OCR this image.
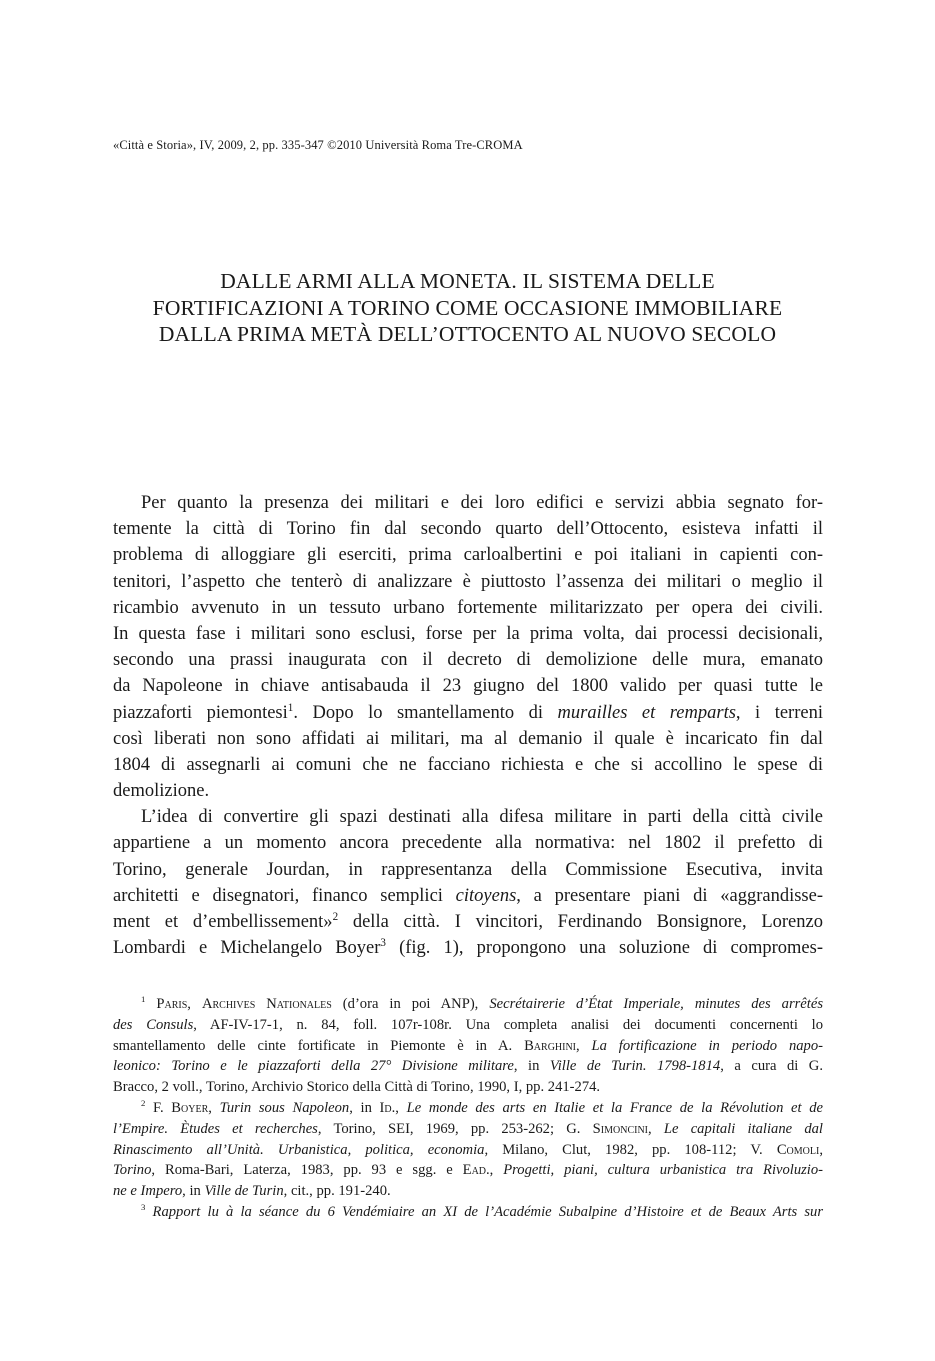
«Città e Storia», IV, 2009, 2, pp. 335-347 ©2010 Università Roma Tre-CROMA
DALLE ARMI ALLA MONETA. IL SISTEMA DELLE
FORTIFICAZIONI A TORINO COME OCCASIONE IMMOBILIARE
DALLA PRIMA METÀ DELL’OTTOCENTO AL NUOVO SECOLO
Per quanto la presenza dei militari e dei loro edifici e servizi abbia segnato for-
temente la città di Torino fin dal secondo quarto dell’Ottocento, esisteva infatti il
problema di alloggiare gli eserciti, prima carloalbertini e poi italiani in capienti con-
tenitori, l’aspetto che tenterò di analizzare è piuttosto l’assenza dei militari o meglio il
ricambio avvenuto in un tessuto urbano fortemente militarizzato per opera dei civili.
In questa fase i militari sono esclusi, forse per la prima volta, dai processi decisionali,
secondo una prassi inaugurata con il decreto di demolizione delle mura, emanato
da Napoleone in chiave antisabauda il 23 giugno del 1800 valido per quasi tutte le
piazzaforti piemontesi$^1$. Dopo lo smantellamento di murailles et remparts, i terreni
così liberati non sono affidati ai militari, ma al demanio il quale è incaricato fin dal
1804 di assegnarli ai comuni che ne facciano richiesta e che si accollino le spese di
demolizione.
L’idea di convertire gli spazi destinati alla difesa militare in parti della città civile
appartiene a un momento ancora precedente alla normativa: nel 1802 il prefetto di
Torino, generale Jourdan, in rappresentanza della Commissione Esecutiva, invita
architetti e disegnatori, financo semplici citoyens, a presentare piani di «aggrandisse-
ment et d’embellissement»$^2$ della città. I vincitori, Ferdinando Bonsignore, Lorenzo
Lombardi e Michelangelo Boyer$^3$ (fig. 1), propongono una soluzione di compromes-
$^1$ Paris, Archives Nationales (d’ora in poi ANP), Secrétairerie d’État Imperiale, minutes des arrêtés
des Consuls, AF-IV-17-1, n. 84, foll. 107r-108r. Una completa analisi dei documenti concernenti lo
smantellamento delle cinte fortificate in Piemonte è in A. Barghini, La fortificazione in periodo napo-
leonico: Torino e le piazzaforti della 27° Divisione militare, in Ville de Turin. 1798-1814, a cura di G.
Bracco, 2 voll., Torino, Archivio Storico della Città di Torino, 1990, I, pp. 241-274.
$^2$ F. Boyer, Turin sous Napoleon, in Id., Le monde des arts en Italie et la France de la Révolution et de
l’Empire. Ètudes et recherches, Torino, SEI, 1969, pp. 253-262; G. Simoncini, Le capitali italiane dal
Rinascimento all’Unità. Urbanistica, politica, economia, Milano, Clut, 1982, pp. 108-112; V. Comoli,
Torino, Roma-Bari, Laterza, 1983, pp. 93 e sgg. e Ead., Progetti, piani, cultura urbanistica tra Rivoluzio-
ne e Impero, in Ville de Turin, cit., pp. 191-240.
$^3$ Rapport lu à la séance du 6 Vendémiaire an XI de l’Académie Subalpine d’Histoire et de Beaux Arts sur
